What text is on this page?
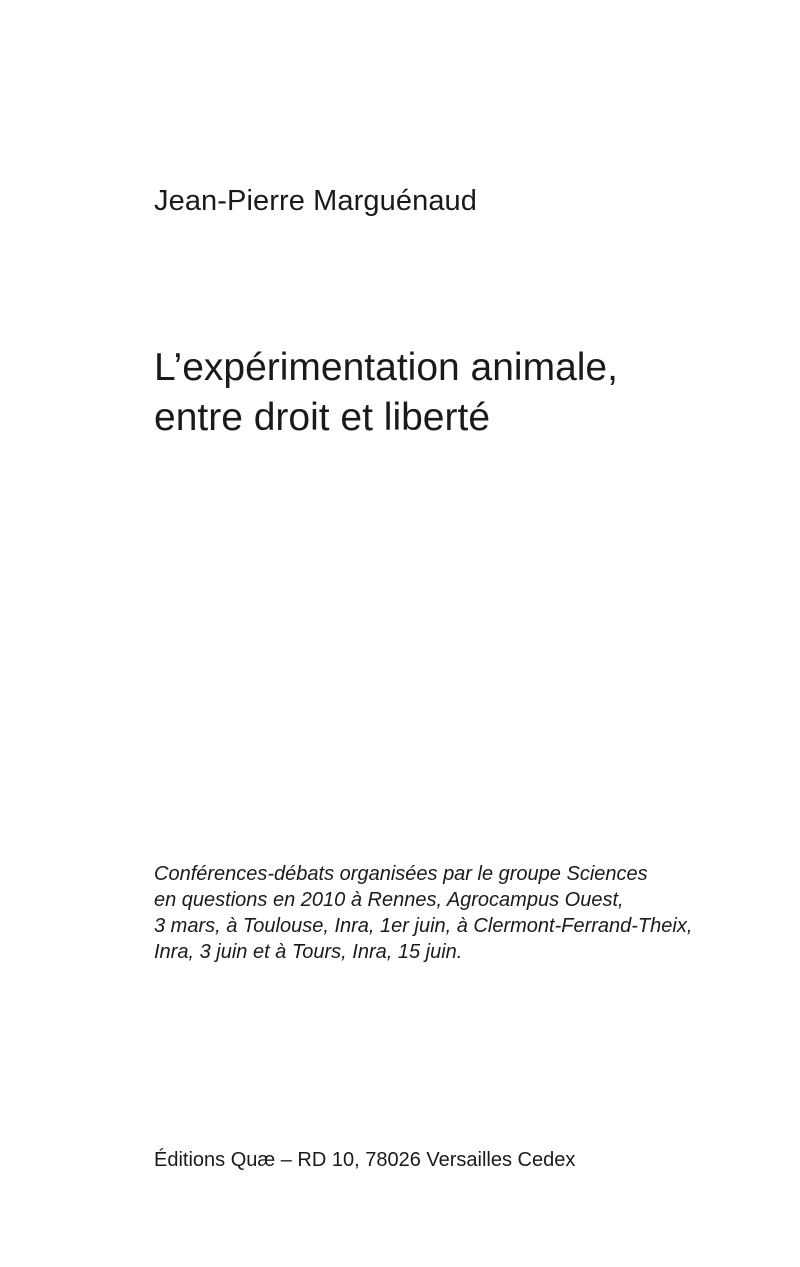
Jean-Pierre Marguénaud
L’expérimentation animale,
entre droit et liberté
Conférences-débats organisées par le groupe Sciences
en questions en 2010 à Rennes, Agrocampus Ouest,
3 mars, à Toulouse, Inra, 1er juin, à Clermont-Ferrand-Theix,
Inra, 3 juin et à Tours, Inra, 15 juin.
Éditions Quæ – RD 10, 78026 Versailles Cedex
